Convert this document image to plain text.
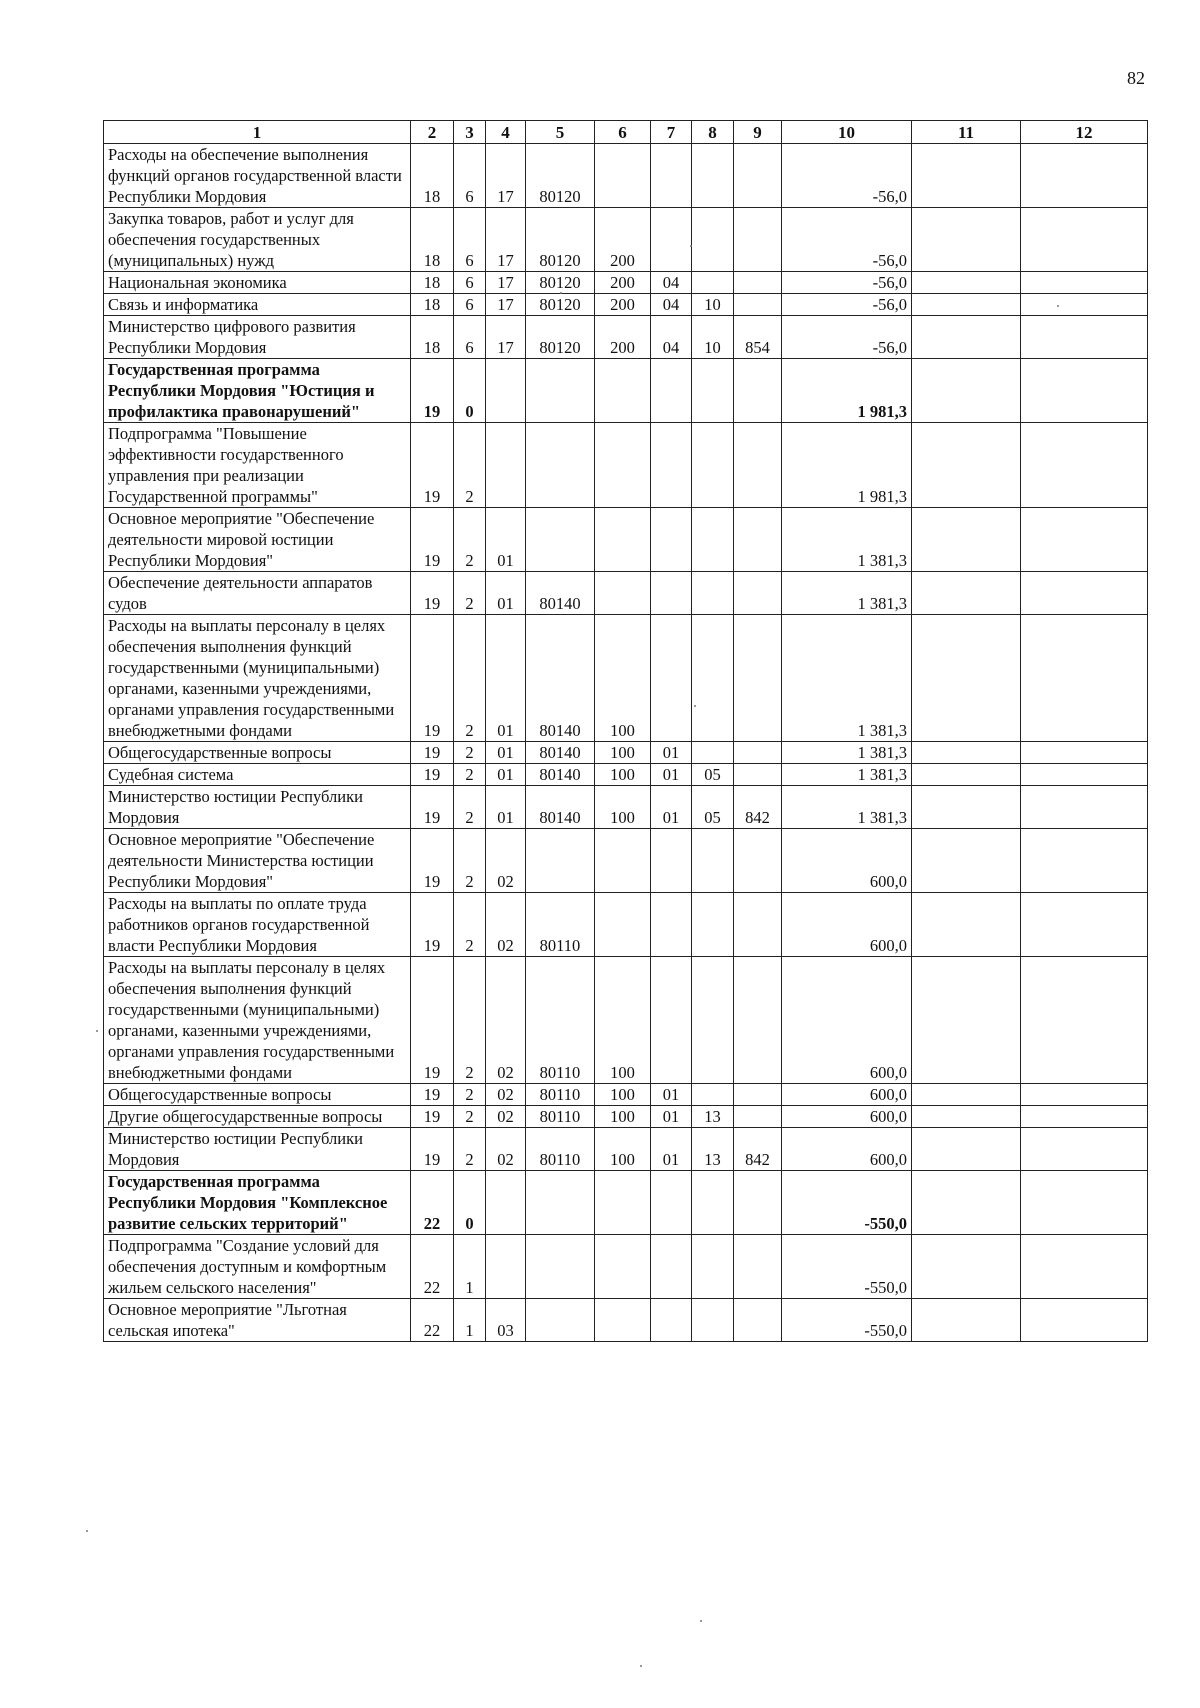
82
1	2	3	4	5	6	7	8	9	10	11	12
Расходы на обеспечение выполнения функций органов государственной власти Республики Мордовия	18	6	17	80120					-56,0		
Закупка товаров, работ и услуг для обеспечения государственных (муниципальных) нужд	18	6	17	80120	200				-56,0		
Национальная экономика	18	6	17	80120	200	04			-56,0		
Связь и информатика	18	6	17	80120	200	04	10		-56,0		
Министерство цифрового развития Республики Мордовия	18	6	17	80120	200	04	10	854	-56,0		
Государственная программа Республики Мордовия "Юстиция и профилактика правонарушений"	19	0							1 981,3		
Подпрограмма "Повышение эффективности государственного управления при реализации Государственной программы"	19	2							1 981,3		
Основное мероприятие "Обеспечение деятельности мировой юстиции Республики Мордовия"	19	2	01						1 381,3		
Обеспечение деятельности аппаратов судов	19	2	01	80140					1 381,3		
Расходы на выплаты персоналу в целях обеспечения выполнения функций государственными (муниципальными) органами, казенными учреждениями, органами управления государственными внебюджетными фондами	19	2	01	80140	100				1 381,3		
Общегосударственные вопросы	19	2	01	80140	100	01			1 381,3		
Судебная система	19	2	01	80140	100	01	05		1 381,3		
Министерство юстиции Республики Мордовия	19	2	01	80140	100	01	05	842	1 381,3		
Основное мероприятие "Обеспечение деятельности Министерства юстиции Республики Мордовия"	19	2	02						600,0		
Расходы на выплаты по оплате труда работников органов государственной власти Республики Мордовия	19	2	02	80110					600,0		
Расходы на выплаты персоналу в целях обеспечения выполнения функций государственными (муниципальными) органами, казенными учреждениями, органами управления государственными внебюджетными фондами	19	2	02	80110	100				600,0		
Общегосударственные вопросы	19	2	02	80110	100	01			600,0		
Другие общегосударственные вопросы	19	2	02	80110	100	01	13		600,0		
Министерство юстиции Республики Мордовия	19	2	02	80110	100	01	13	842	600,0		
Государственная программа Республики Мордовия "Комплексное развитие сельских территорий"	22	0							-550,0		
Подпрограмма "Создание условий для обеспечения доступным и комфортным жильем сельского населения"	22	1							-550,0		
Основное мероприятие "Льготная сельская ипотека"	22	1	03						-550,0		
